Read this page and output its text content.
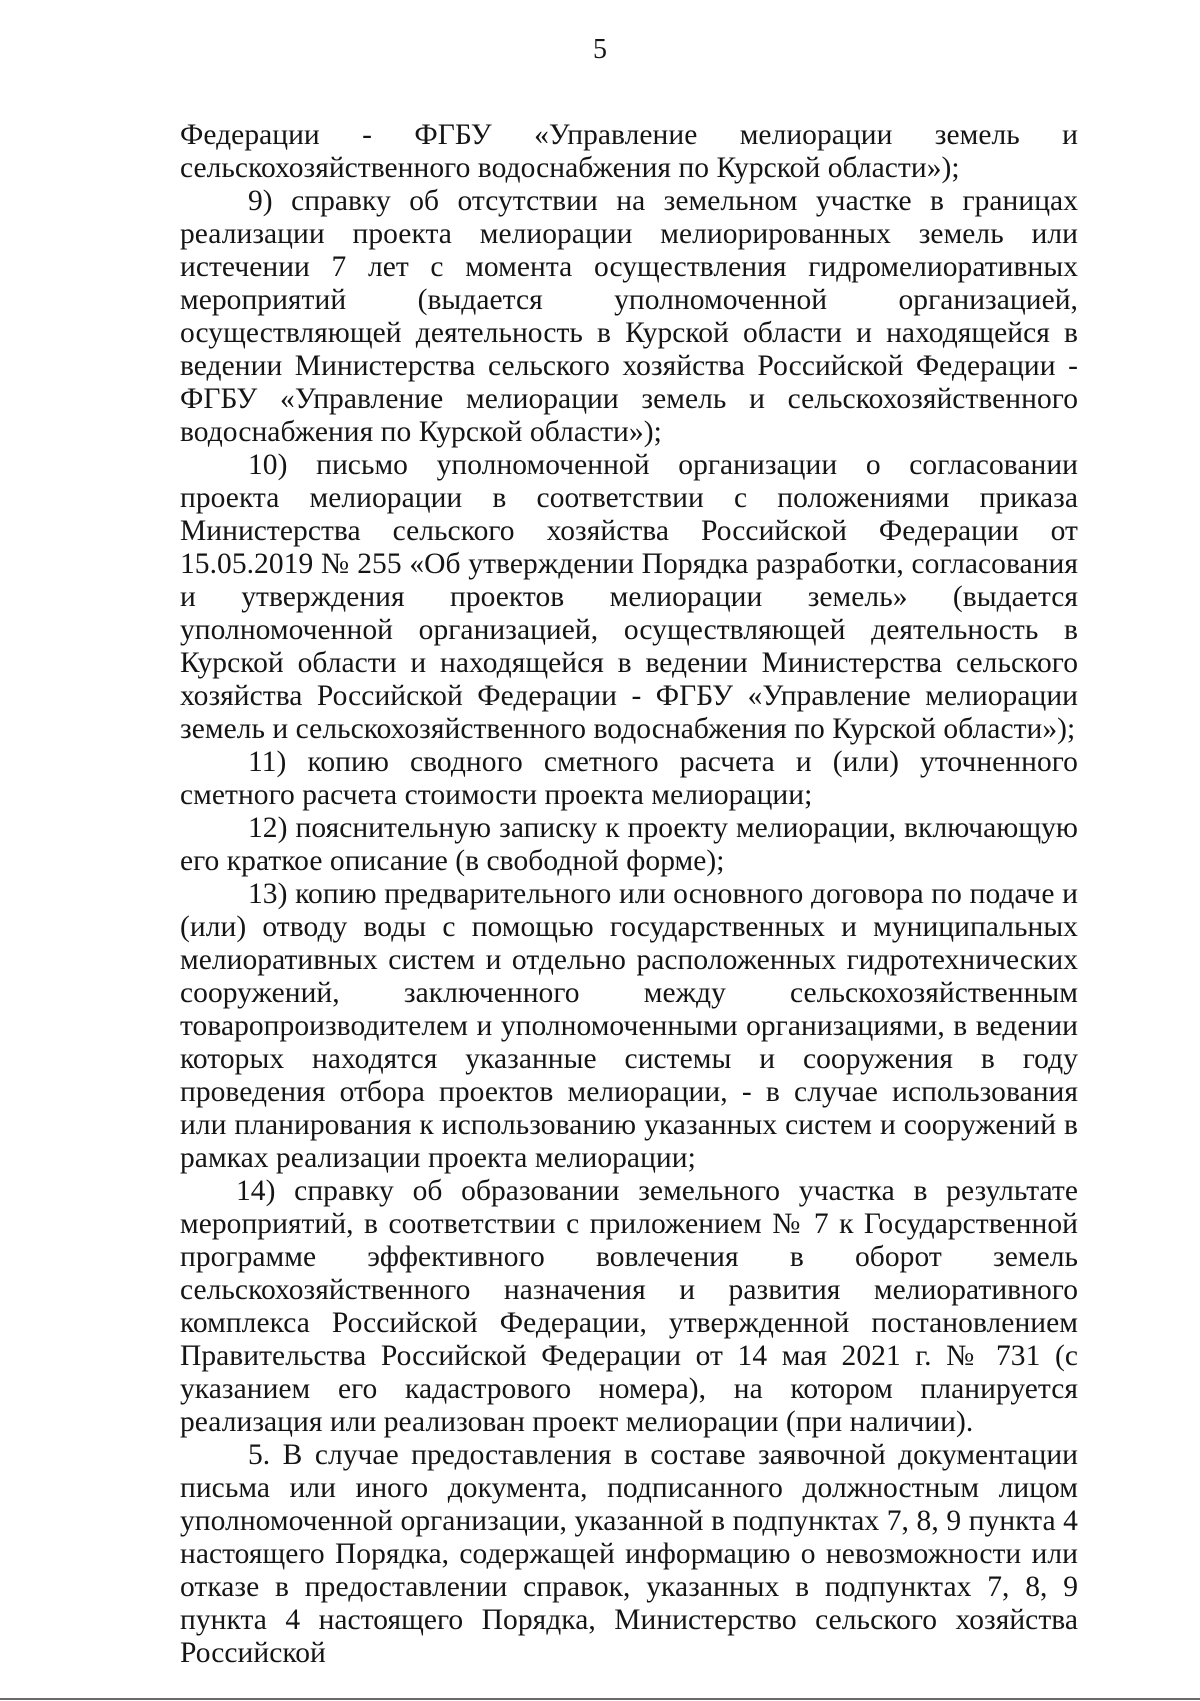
5

Федерации - ФГБУ «Управление мелиорации земель и сельскохозяйственного водоснабжения по Курской области»);

9) справку об отсутствии на земельном участке в границах реализации проекта мелиорации мелиорированных земель или истечении 7 лет с момента осуществления гидромелиоративных мероприятий (выдается уполномоченной организацией, осуществляющей деятельность в Курской области и находящейся в ведении Министерства сельского хозяйства Российской Федерации - ФГБУ «Управление мелиорации земель и сельскохозяйственного водоснабжения по Курской области»);

10) письмо уполномоченной организации о согласовании проекта мелиорации в соответствии с положениями приказа Министерства сельского хозяйства Российской Федерации от 15.05.2019 № 255 «Об утверждении Порядка разработки, согласования и утверждения проектов мелиорации земель» (выдается уполномоченной организацией, осуществляющей деятельность в Курской области и находящейся в ведении Министерства сельского хозяйства Российской Федерации - ФГБУ «Управление мелиорации земель и сельскохозяйственного водоснабжения по Курской области»);

11) копию сводного сметного расчета и (или) уточненного сметного расчета стоимости проекта мелиорации;

12) пояснительную записку к проекту мелиорации, включающую его краткое описание (в свободной форме);

13) копию предварительного или основного договора по подаче и (или) отводу воды с помощью государственных и муниципальных мелиоративных систем и отдельно расположенных гидротехнических сооружений, заключенного между сельскохозяйственным товаропроизводителем и уполномоченными организациями, в ведении которых находятся указанные системы и сооружения в году проведения отбора проектов мелиорации, - в случае использования или планирования к использованию указанных систем и сооружений в рамках реализации проекта мелиорации;

14) справку об образовании земельного участка в результате мероприятий, в соответствии с приложением № 7 к Государственной программе эффективного вовлечения в оборот земель сельскохозяйственного назначения и развития мелиоративного комплекса Российской Федерации, утвержденной постановлением Правительства Российской Федерации от 14 мая 2021 г. № 731 (с указанием его кадастрового номера), на котором планируется реализация или реализован проект мелиорации (при наличии).

5. В случае предоставления в составе заявочной документации письма или иного документа, подписанного должностным лицом уполномоченной организации, указанной в подпунктах 7, 8, 9 пункта 4 настоящего Порядка, содержащей информацию о невозможности или отказе в предоставлении справок, указанных в подпунктах 7, 8, 9 пункта 4 настоящего Порядка, Министерство сельского хозяйства Российской
